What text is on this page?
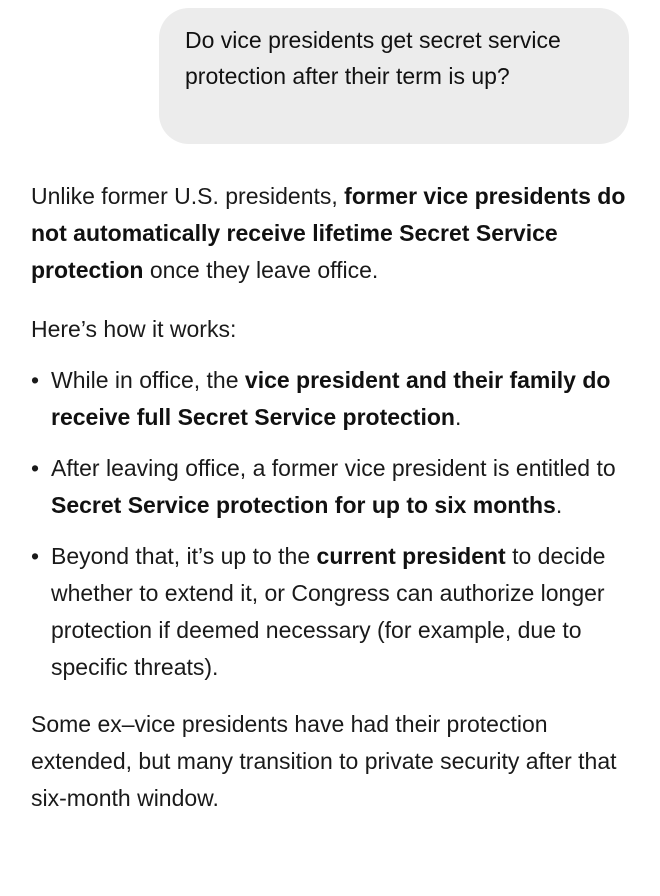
Do vice presidents get secret service protection after their term is up?

Unlike former U.S. presidents, former vice presidents do not automatically receive lifetime Secret Service protection once they leave office.

Here’s how it works:

• While in office, the vice president and their family do receive full Secret Service protection.
• After leaving office, a former vice president is entitled to Secret Service protection for up to six months.
• Beyond that, it’s up to the current president to decide whether to extend it, or Congress can authorize longer protection if deemed necessary (for example, due to specific threats).

Some ex–vice presidents have had their protection extended, but many transition to private security after that six-month window.
